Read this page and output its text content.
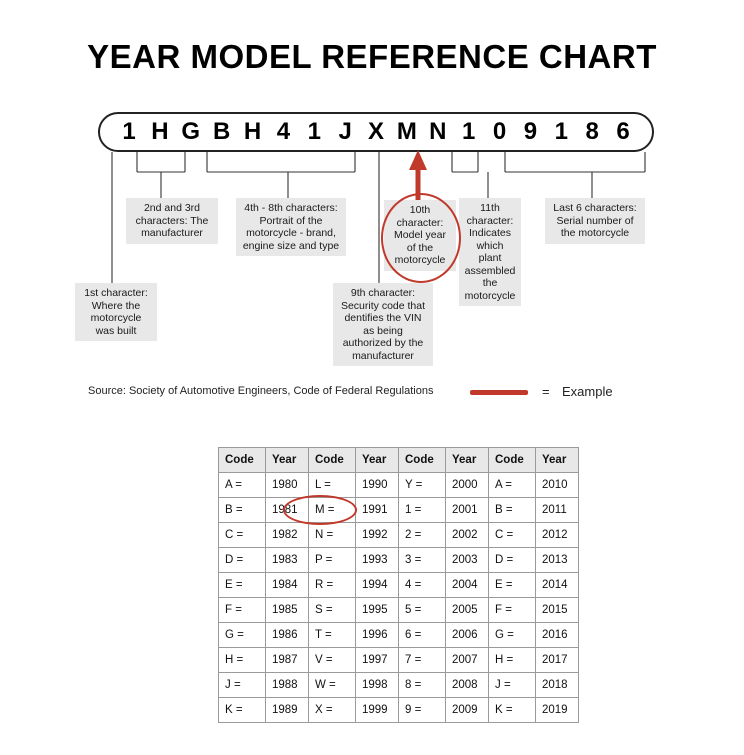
YEAR MODEL REFERENCE CHART
1 H G B H 4 1 J X M N 1 0 9 1 8 6
1st character: Where the motorcycle was built
2nd and 3rd characters: The manufacturer
4th - 8th characters: Portrait of the motorcycle - brand, engine size and type
9th character: Security code that dentifies the VIN as being authorized by the manufacturer
10th character: Model year of the motorcycle
11th character: Indicates which plant assembled the motorcycle
Last 6 characters: Serial number of the motorcycle
Source: Society of Automotive Engineers, Code of Federal Regulations	= Example
Code	Year	Code	Year	Code	Year	Code	Year
A =	1980	L =	1990	Y =	2000	A =	2010
B =	1981	M =	1991	1 =	2001	B =	2011
C =	1982	N =	1992	2 =	2002	C =	2012
D =	1983	P =	1993	3 =	2003	D =	2013
E =	1984	R =	1994	4 =	2004	E =	2014
F =	1985	S =	1995	5 =	2005	F =	2015
G =	1986	T =	1996	6 =	2006	G =	2016
H =	1987	V =	1997	7 =	2007	H =	2017
J =	1988	W =	1998	8 =	2008	J =	2018
K =	1989	X =	1999	9 =	2009	K =	2019
